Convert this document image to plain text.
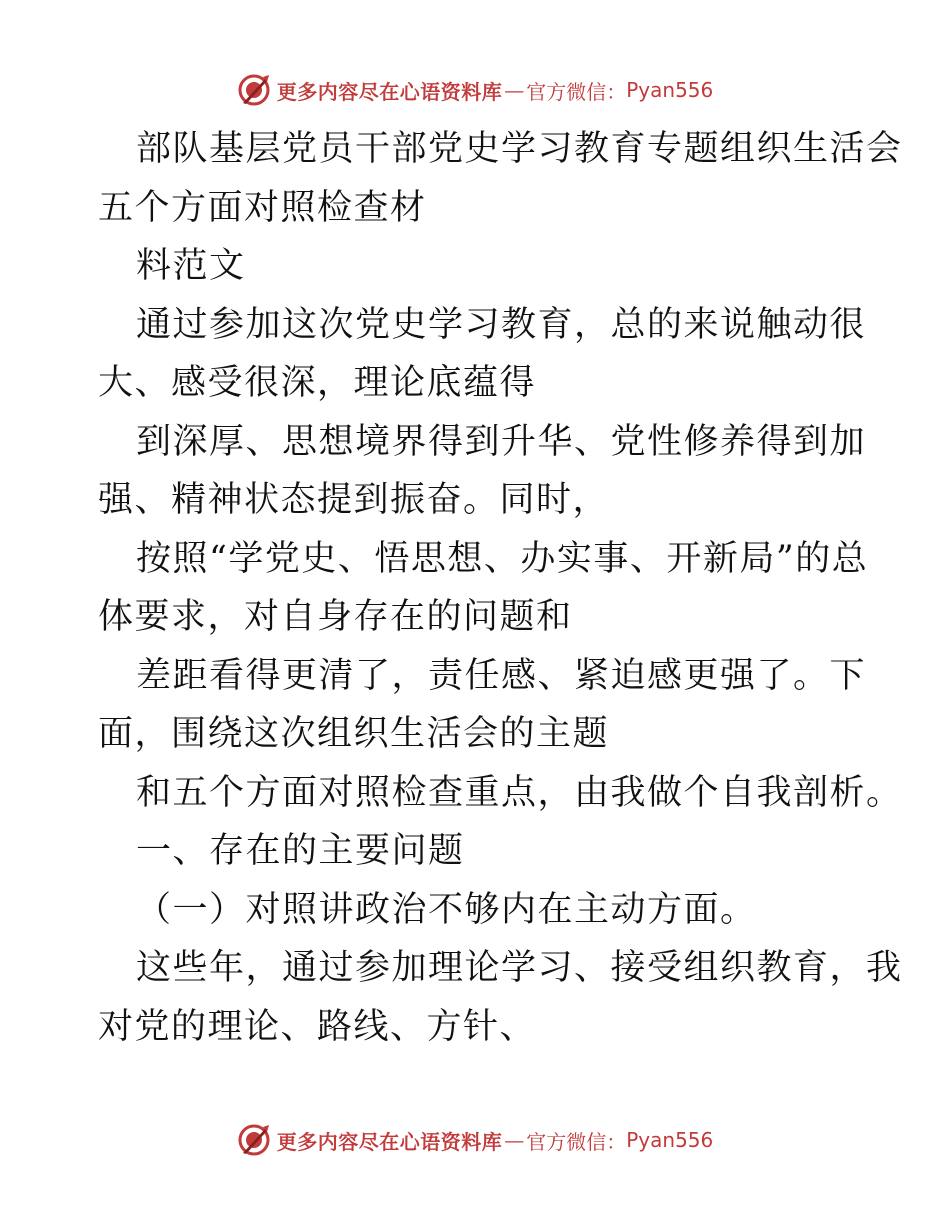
更多内容尽在心语资料库 — 官方微信： Pyan556
部队基层党员干部党史学习教育专题组织生活会
五个方面对照检查材
料范文
通过参加这次党史学习教育，总的来说触动很
大、感受很深，理论底蕴得
到深厚、思想境界得到升华、党性修养得到加
强、精神状态提到振奋。同时，
按照“学党史、悟思想、办实事、开新局”的总
体要求，对自身存在的问题和
差距看得更清了，责任感、紧迫感更强了。下
面，围绕这次组织生活会的主题
和五个方面对照检查重点，由我做个自我剖析。
一、存在的主要问题
（一）对照讲政治不够内在主动方面。
这些年，通过参加理论学习、接受组织教育，我
对党的理论、路线、方针、
更多内容尽在心语资料库 — 官方微信： Pyan556
